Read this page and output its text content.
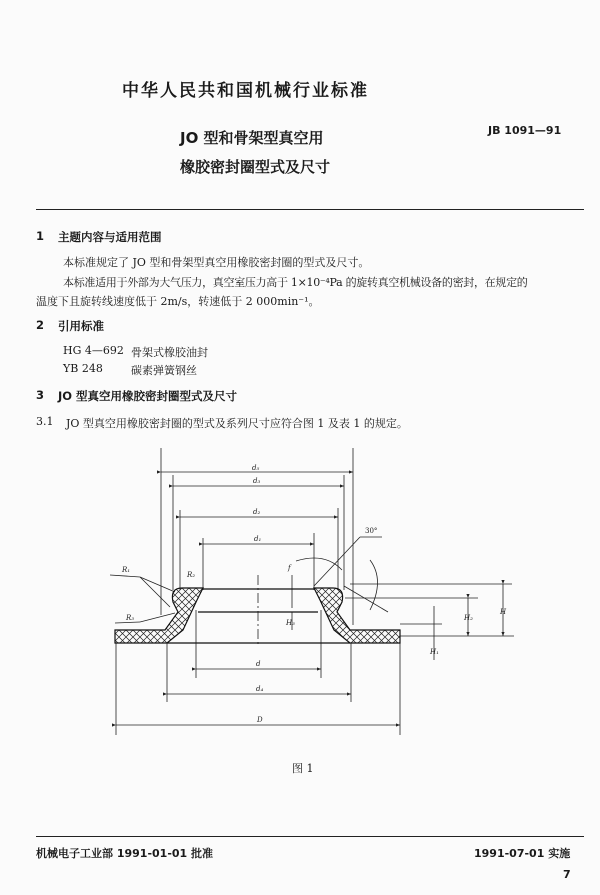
中华人民共和国机械行业标准
JB 1091—91
JO 型和骨架型真空用
橡胶密封圈型式及尺寸
1 主题内容与适用范围
本标准规定了 JO 型和骨架型真空用橡胶密封圈的型式及尺寸。
本标准适用于外部为大气压力，真空室压力高于 1×10⁻⁴Pa 的旋转真空机械设备的密封，在规定的
温度下且旋转线速度低于 2m/s，转速低于 2 000min⁻¹。
2 引用标准
HG 4—692 骨架式橡胶油封
YB 248	碳素弹簧钢丝
3 JO 型真空用橡胶密封圈型式及尺寸
3.1 JO 型真空用橡胶密封圈的型式及系列尺寸应符合图 1 及表 1 的规定。
d₅
d₃
d₂
d₁
d
d₄
D
H
H₂
H₁
H₃
R₁
R₂
R₃
f
30°
图 1
机械电子工业部 1991-01-01 批准	1991-07-01 实施
7
